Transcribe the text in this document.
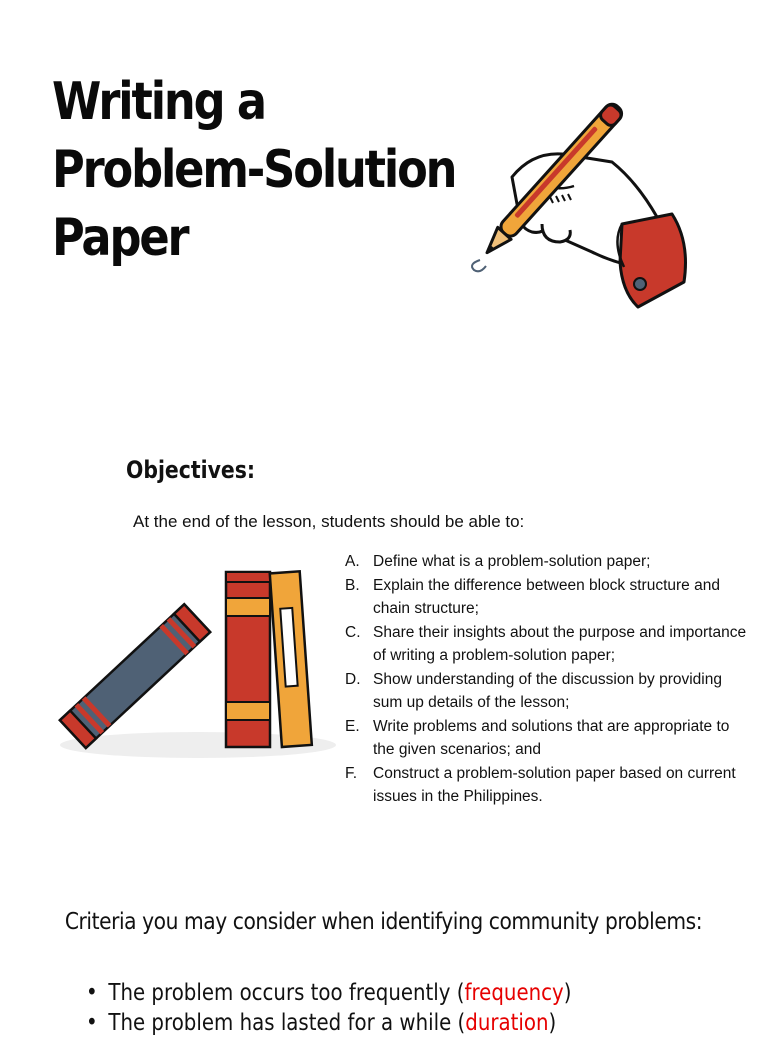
Writing a
Problem-Solution
Paper
Objectives:
At the end of the lesson, students should be able to:
A. Define what is a problem-solution paper;
B. Explain the difference between block structure and chain structure;
C. Share their insights about the purpose and importance of writing a problem-solution paper;
D. Show understanding of the discussion by providing sum up details of the lesson;
E. Write problems and solutions that are appropriate to the given scenarios; and
F.	Construct a problem-solution paper based on current issues in the Philippines.
Criteria you may consider when identifying community problems:
• The problem occurs too frequently (frequency)
• The problem has lasted for a while (duration)
